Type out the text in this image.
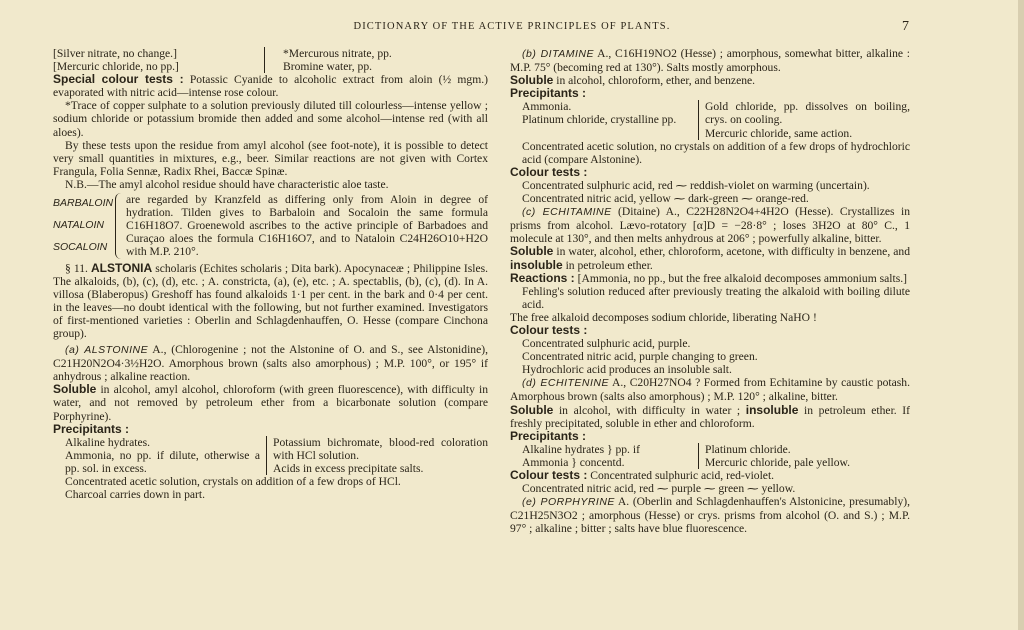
DICTIONARY OF THE ACTIVE PRINCIPLES OF PLANTS.	7

[Silver nitrate, no change.]

[Mercuric chloride, no pp.]

*Mercurous nitrate, pp.

Bromine water, pp.

Special colour tests : Potassic Cyanide to alcoholic extract from aloin (½ mgm.) evaporated with nitric acid—intense rose colour.

*Trace of copper sulphate to a solution previously diluted till colourless—intense yellow ; sodium chloride or potassium bromide then added and some alcohol—intense red (with all aloes).

By these tests upon the residue from amyl alcohol (see foot-note), it is possible to detect very small quantities in mixtures, e.g., beer. Similar reactions are not given with Cortex Frangula, Folia Sennæ, Radix Rhei, Baccæ Spinæ.

N.B.—The amyl alcohol residue should have characteristic aloe taste.

BARBALOIN
NATALOIN
SOCALOIN

are regarded by Kranzfeld as differing only from Aloin in degree of hydration. Tilden gives to Barbaloin and Socaloin the same formula C16H18O7. Groenewold ascribes to the active principle of Barbadoes and Curaçao aloes the formula C16H16O7, and to Nataloin C24H26O10+H2O with M.P. 210°.

§ 11. ALSTONIA scholaris (Echites scholaris ; Dita bark). Apocynaceæ ; Philippine Isles. The alkaloids, (b), (c), (d), etc. ; A. constricta, (a), (e), etc. ; A. spectablis, (b), (c), (d). In A. villosa (Blaberopus) Greshoff has found alkaloids 1·1 per cent. in the bark and 0·4 per cent. in the leaves—no doubt identical with the following, but not further examined. Investigators of first-mentioned varieties : Oberlin and Schlagdenhauffen, O. Hesse (compare Cinchona group).

(a) ALSTONINE A., (Chlorogenine ; not the Alstonine of O. and S., see Alstonidine), C21H20N2O4·3½H2O. Amorphous brown (salts also amorphous) ; M.P. 100°, or 195° if anhydrous ; alkaline reaction.

Soluble in alcohol, amyl alcohol, chloroform (with green fluorescence), with difficulty in water, and not removed by petroleum ether from a bicarbonate solution (compare Porphyrine).

Precipitants :

Alkaline hydrates.

Ammonia, no pp. if dilute, otherwise a pp. sol. in excess.

Potassium bichromate, blood-red coloration with HCl solution.

Acids in excess precipitate salts.

Concentrated acetic solution, crystals on addition of a few drops of HCl.

Charcoal carries down in part.

(b) DITAMINE A., C16H19NO2 (Hesse) ; amorphous, somewhat bitter, alkaline : M.P. 75° (becoming red at 130°). Salts mostly amorphous.

Soluble in alcohol, chloroform, ether, and benzene.

Precipitants :

Ammonia.

Platinum chloride, crystalline pp.

Gold chloride, pp. dissolves on boiling, crys. on cooling.

Mercuric chloride, same action.

Concentrated acetic solution, no crystals on addition of a few drops of hydrochloric acid (compare Alstonine).

Colour tests :

Concentrated sulphuric acid, red ⁓ reddish-violet on warming (uncertain).

Concentrated nitric acid, yellow ⁓ dark-green ⁓ orange-red.

(c) ECHITAMINE (Ditaine) A., C22H28N2O4+4H2O (Hesse). Crystallizes in prisms from alcohol. Lævo-rotatory [α]D = −28·8° ; loses 3H2O at 80° C., 1 molecule at 130°, and then melts anhydrous at 206° ; powerfully alkaline, bitter.

Soluble in water, alcohol, ether, chloroform, acetone, with difficulty in benzene, and insoluble in petroleum ether.

Reactions : [Ammonia, no pp., but the free alkaloid decomposes ammonium salts.]

Fehling's solution reduced after previously treating the alkaloid with boiling dilute acid.

The free alkaloid decomposes sodium chloride, liberating NaHO !

Colour tests :

Concentrated sulphuric acid, purple.

Concentrated nitric acid, purple changing to green.

Hydrochloric acid produces an insoluble salt.

(d) ECHITENINE A., C20H27NO4 ? Formed from Echitamine by caustic potash. Amorphous brown (salts also amorphous) ; M.P. 120° ; alkaline, bitter.

Soluble in alcohol, with difficulty in water ; insoluble in petroleum ether. If freshly precipitated, soluble in ether and chloroform.

Precipitants :

Alkaline hydrates } pp. if

Ammonia } concentd.

Platinum chloride.

Mercuric chloride, pale yellow.

Colour tests : Concentrated sulphuric acid, red-violet.

Concentrated nitric acid, red ⁓ purple ⁓ green ⁓ yellow.

(e) PORPHYRINE A. (Oberlin and Schlagdenhauffen's Alstonicine, presumably), C21H25N3O2 ; amorphous (Hesse) or crys. prisms from alcohol (O. and S.) ; M.P. 97° ; alkaline ; bitter ; salts have blue fluorescence.
